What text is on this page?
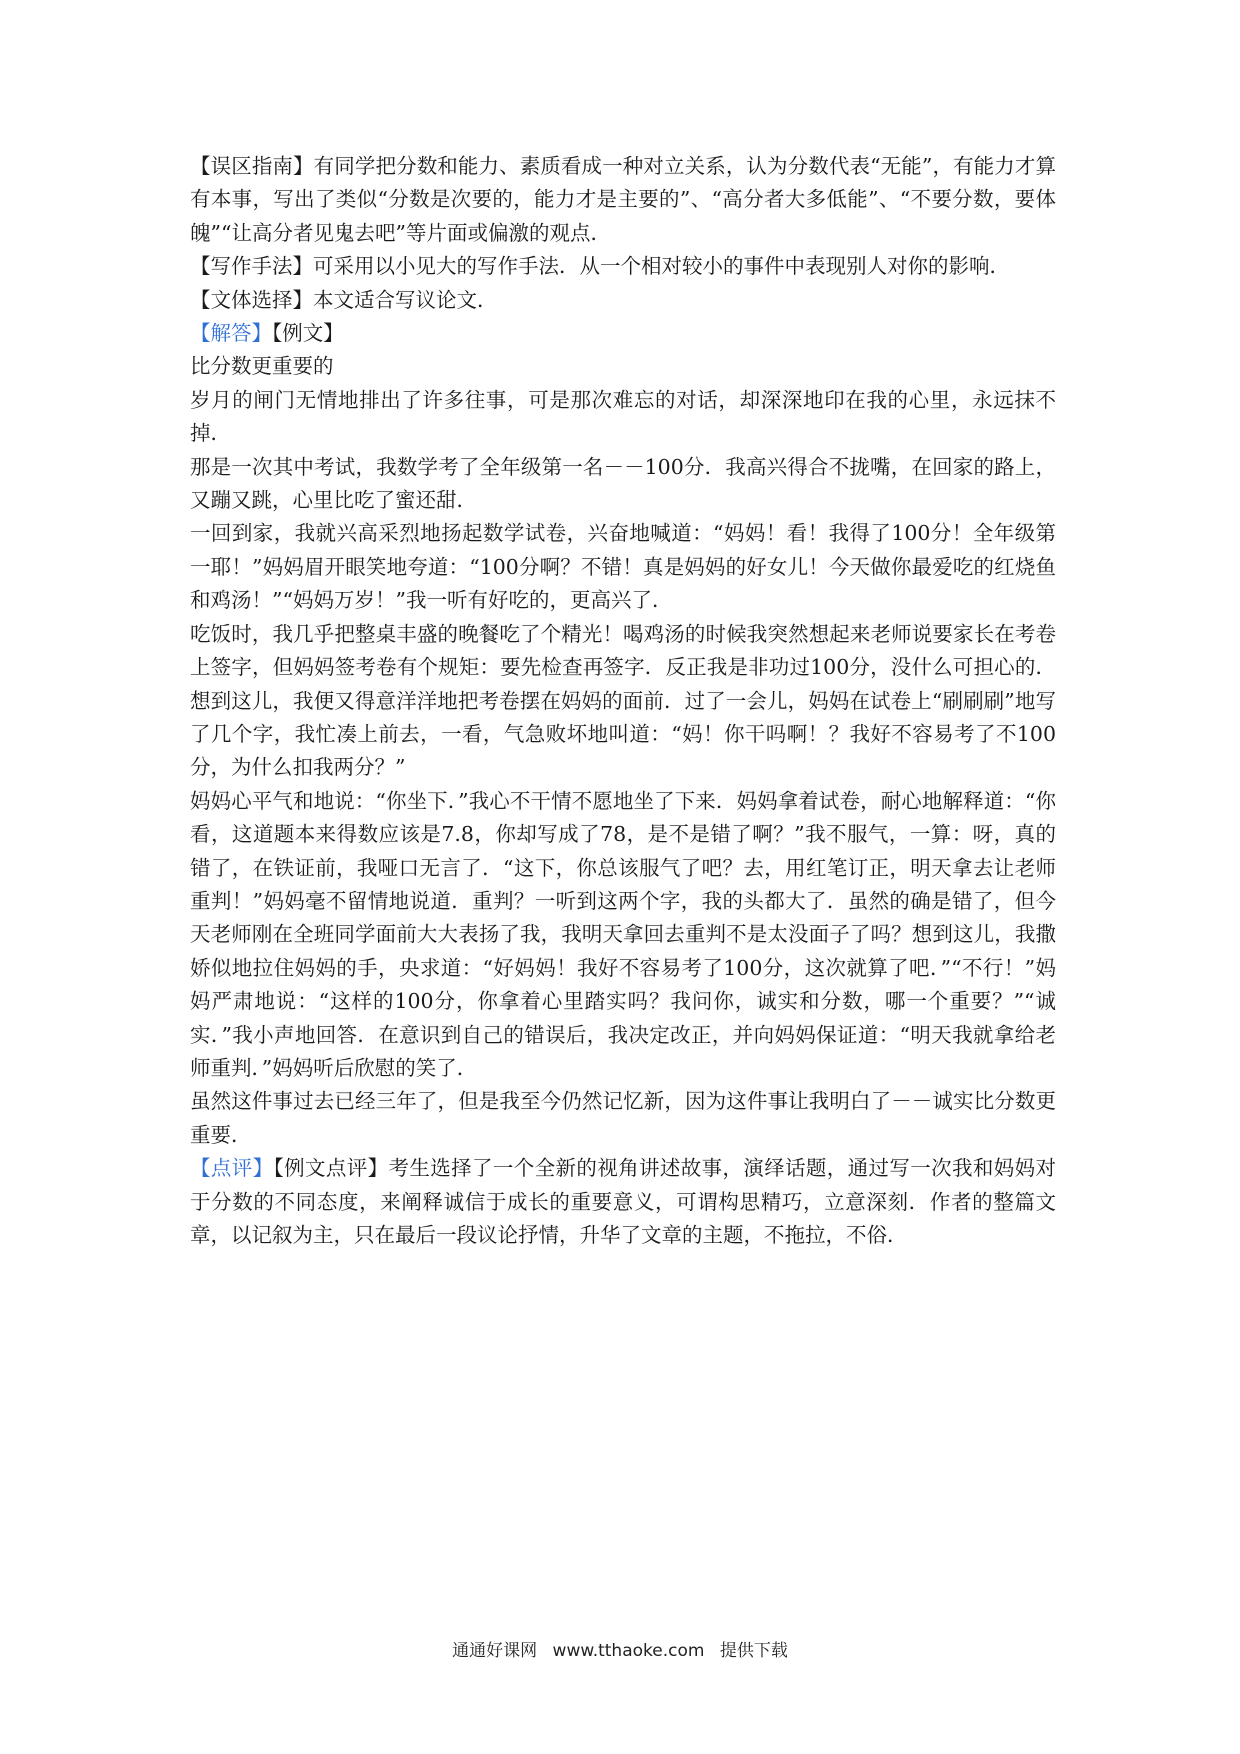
【误区指南】有同学把分数和能力、素质看成一种对立关系，认为分数代表“无能”，有能力才算有本事，写出了类似“分数是次要的，能力才是主要的”、“高分者大多低能”、“不要分数，要体魄”“让高分者见鬼去吧”等片面或偏激的观点．

【写作手法】可采用以小见大的写作手法．从一个相对较小的事件中表现别人对你的影响．

【文体选择】本文适合写议论文．

【解答】【例文】

比分数更重要的

岁月的闸门无情地排出了许多往事，可是那次难忘的对话，却深深地印在我的心里，永远抹不掉．

那是一次其中考试，我数学考了全年级第一名－－100分．我高兴得合不拢嘴，在回家的路上，又蹦又跳，心里比吃了蜜还甜．

一回到家，我就兴高采烈地扬起数学试卷，兴奋地喊道：“妈妈！看！我得了100分！全年级第一耶！”妈妈眉开眼笑地夸道：“100分啊？不错！真是妈妈的好女儿！今天做你最爱吃的红烧鱼和鸡汤！”“妈妈万岁！”我一听有好吃的，更高兴了．

吃饭时，我几乎把整桌丰盛的晚餐吃了个精光！喝鸡汤的时候我突然想起来老师说要家长在考卷上签字，但妈妈签考卷有个规矩：要先检查再签字．反正我是非功过100分，没什么可担心的．想到这儿，我便又得意洋洋地把考卷摆在妈妈的面前．过了一会儿，妈妈在试卷上“刷刷刷”地写了几个字，我忙凑上前去，一看，气急败坏地叫道：“妈！你干吗啊！？我好不容易考了不100分，为什么扣我两分？”

妈妈心平气和地说：“你坐下．”我心不干情不愿地坐了下来．妈妈拿着试卷，耐心地解释道：“你看，这道题本来得数应该是7.8，你却写成了78，是不是错了啊？”我不服气，一算：呀，真的错了，在铁证前，我哑口无言了．“这下，你总该服气了吧？去，用红笔订正，明天拿去让老师重判！”妈妈毫不留情地说道．重判？一听到这两个字，我的头都大了．虽然的确是错了，但今天老师刚在全班同学面前大大表扬了我，我明天拿回去重判不是太没面子了吗？想到这儿，我撒娇似地拉住妈妈的手，央求道：“好妈妈！我好不容易考了100分，这次就算了吧．”“不行！”妈妈严肃地说：“这样的100分，你拿着心里踏实吗？我问你，诚实和分数，哪一个重要？”“诚实．”我小声地回答．在意识到自己的错误后，我决定改正，并向妈妈保证道：“明天我就拿给老师重判．”妈妈听后欣慰的笑了．

虽然这件事过去已经三年了，但是我至今仍然记忆新，因为这件事让我明白了－－诚实比分数更重要．

【点评】【例文点评】考生选择了一个全新的视角讲述故事，演绎话题，通过写一次我和妈妈对于分数的不同态度，来阐释诚信于成长的重要意义，可谓构思精巧，立意深刻．作者的整篇文章，以记叙为主，只在最后一段议论抒情，升华了文章的主题，不拖拉，不俗．

通通好课网 www.tthaoke.com 提供下载
